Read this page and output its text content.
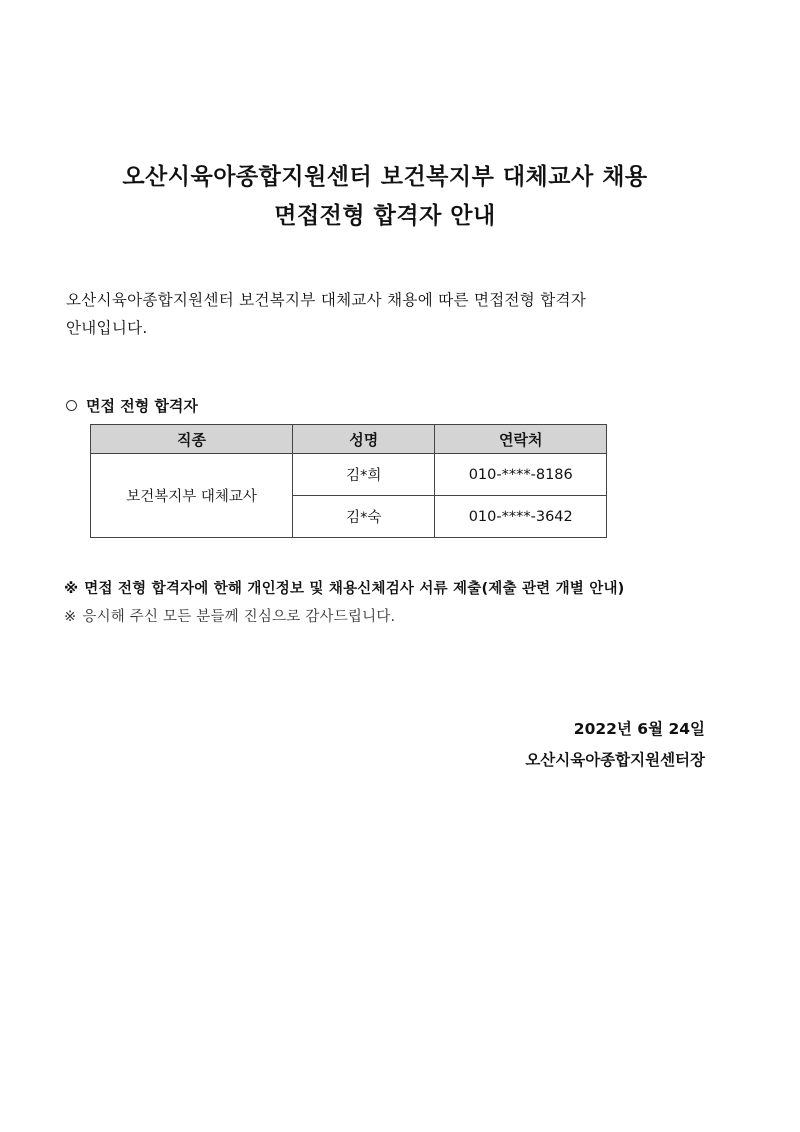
오산시육아종합지원센터 보건복지부 대체교사 채용
면접전형 합격자 안내
오산시육아종합지원센터 보건복지부 대체교사 채용에 따른 면접전형 합격자
안내입니다.
면접 전형 합격자
직종	성명	연락처
보건복지부 대체교사	김*희	010-****-8186
	김*숙	010-****-3642
※ 면접 전형 합격자에 한해 개인정보 및 채용신체검사 서류 제출(제출 관련 개별 안내)
※ 응시해 주신 모든 분들께 진심으로 감사드립니다.
2022년 6월 24일
오산시육아종합지원센터장
